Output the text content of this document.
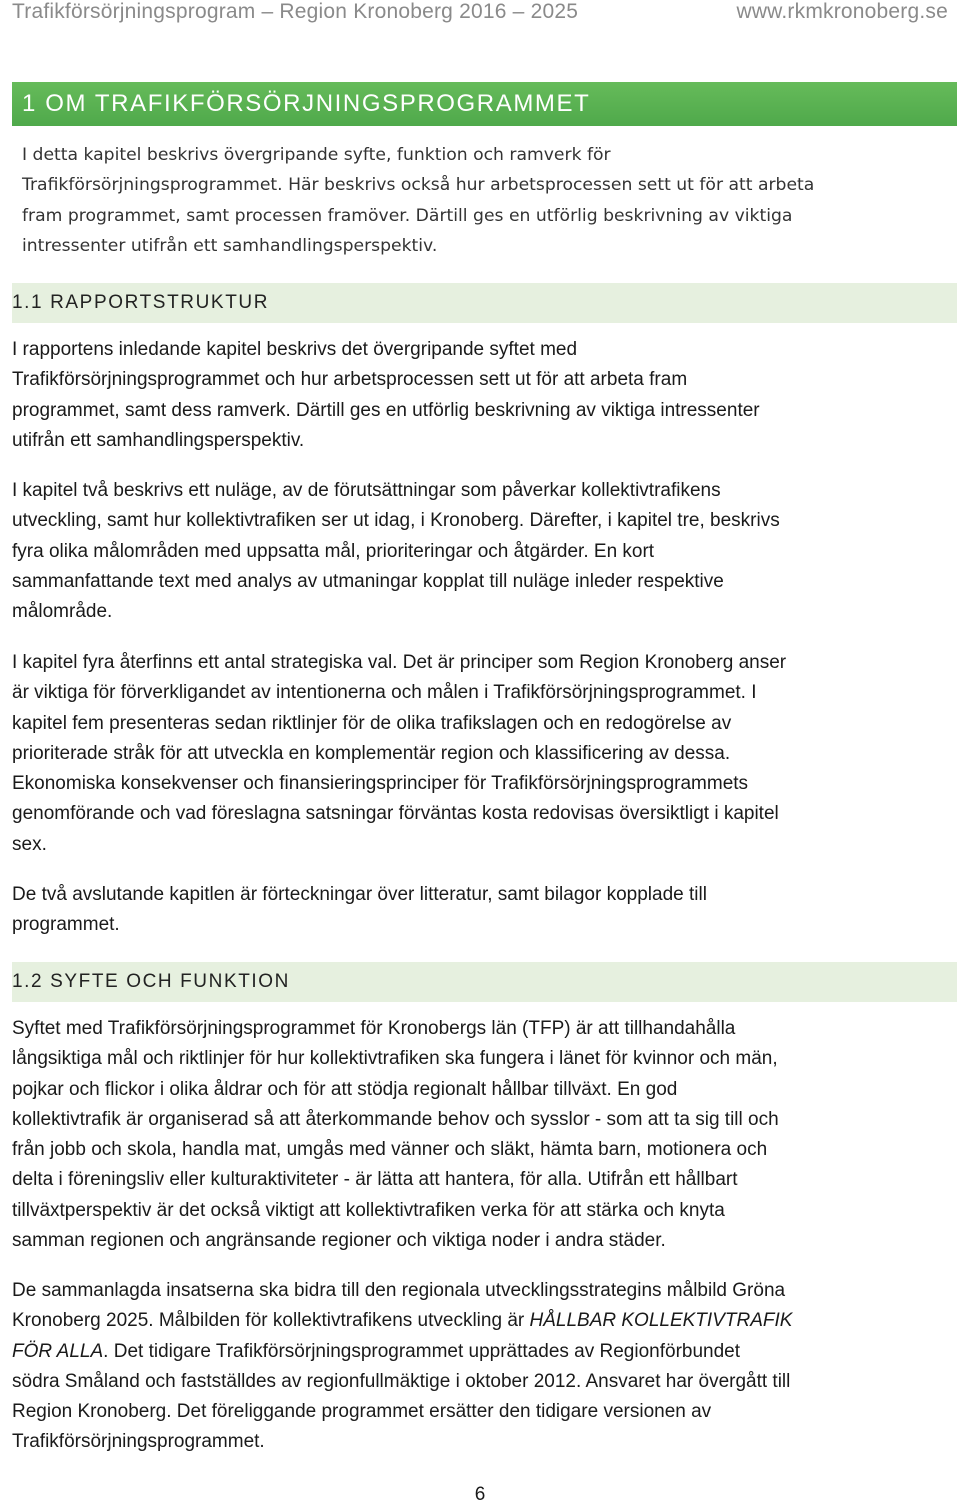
Trafikförsörjningsprogram – Region Kronoberg 2016 – 2025	www.rkmkronoberg.se
1 OM TRAFIKFÖRSÖRJNINGSPROGRAMMET
I detta kapitel beskrivs övergripande syfte, funktion och ramverk för
Trafikförsörjningsprogrammet. Här beskrivs också hur arbetsprocessen sett ut för att arbeta
fram programmet, samt processen framöver. Därtill ges en utförlig beskrivning av viktiga
intressenter utifrån ett samhandlingsperspektiv.
1.1 RAPPORTSTRUKTUR
I rapportens inledande kapitel beskrivs det övergripande syftet med
Trafikförsörjningsprogrammet och hur arbetsprocessen sett ut för att arbeta fram
programmet, samt dess ramverk. Därtill ges en utförlig beskrivning av viktiga intressenter
utifrån ett samhandlingsperspektiv.
I kapitel två beskrivs ett nuläge, av de förutsättningar som påverkar kollektivtrafikens
utveckling, samt hur kollektivtrafiken ser ut idag, i Kronoberg. Därefter, i kapitel tre, beskrivs
fyra olika målområden med uppsatta mål, prioriteringar och åtgärder. En kort
sammanfattande text med analys av utmaningar kopplat till nuläge inleder respektive
målområde.
I kapitel fyra återfinns ett antal strategiska val. Det är principer som Region Kronoberg anser
är viktiga för förverkligandet av intentionerna och målen i Trafikförsörjningsprogrammet. I
kapitel fem presenteras sedan riktlinjer för de olika trafikslagen och en redogörelse av
prioriterade stråk för att utveckla en komplementär region och klassificering av dessa.
Ekonomiska konsekvenser och finansieringsprinciper för Trafikförsörjningsprogrammets
genomförande och vad föreslagna satsningar förväntas kosta redovisas översiktligt i kapitel
sex.
De två avslutande kapitlen är förteckningar över litteratur, samt bilagor kopplade till
programmet.
1.2 SYFTE OCH FUNKTION
Syftet med Trafikförsörjningsprogrammet för Kronobergs län (TFP) är att tillhandahålla
långsiktiga mål och riktlinjer för hur kollektivtrafiken ska fungera i länet för kvinnor och män,
pojkar och flickor i olika åldrar och för att stödja regionalt hållbar tillväxt. En god
kollektivtrafik är organiserad så att återkommande behov och sysslor - som att ta sig till och
från jobb och skola, handla mat, umgås med vänner och släkt, hämta barn, motionera och
delta i föreningsliv eller kulturaktiviteter - är lätta att hantera, för alla. Utifrån ett hållbart
tillväxtperspektiv är det också viktigt att kollektivtrafiken verka för att stärka och knyta
samman regionen och angränsande regioner och viktiga noder i andra städer.
De sammanlagda insatserna ska bidra till den regionala utvecklingsstrategins målbild Gröna
Kronoberg 2025. Målbilden för kollektivtrafikens utveckling är HÅLLBAR KOLLEKTIVTRAFIK
FÖR ALLA. Det tidigare Trafikförsörjningsprogrammet upprättades av Regionförbundet
södra Småland och fastställdes av regionfullmäktige i oktober 2012. Ansvaret har övergått till
Region Kronoberg. Det föreliggande programmet ersätter den tidigare versionen av
Trafikförsörjningsprogrammet.
6
